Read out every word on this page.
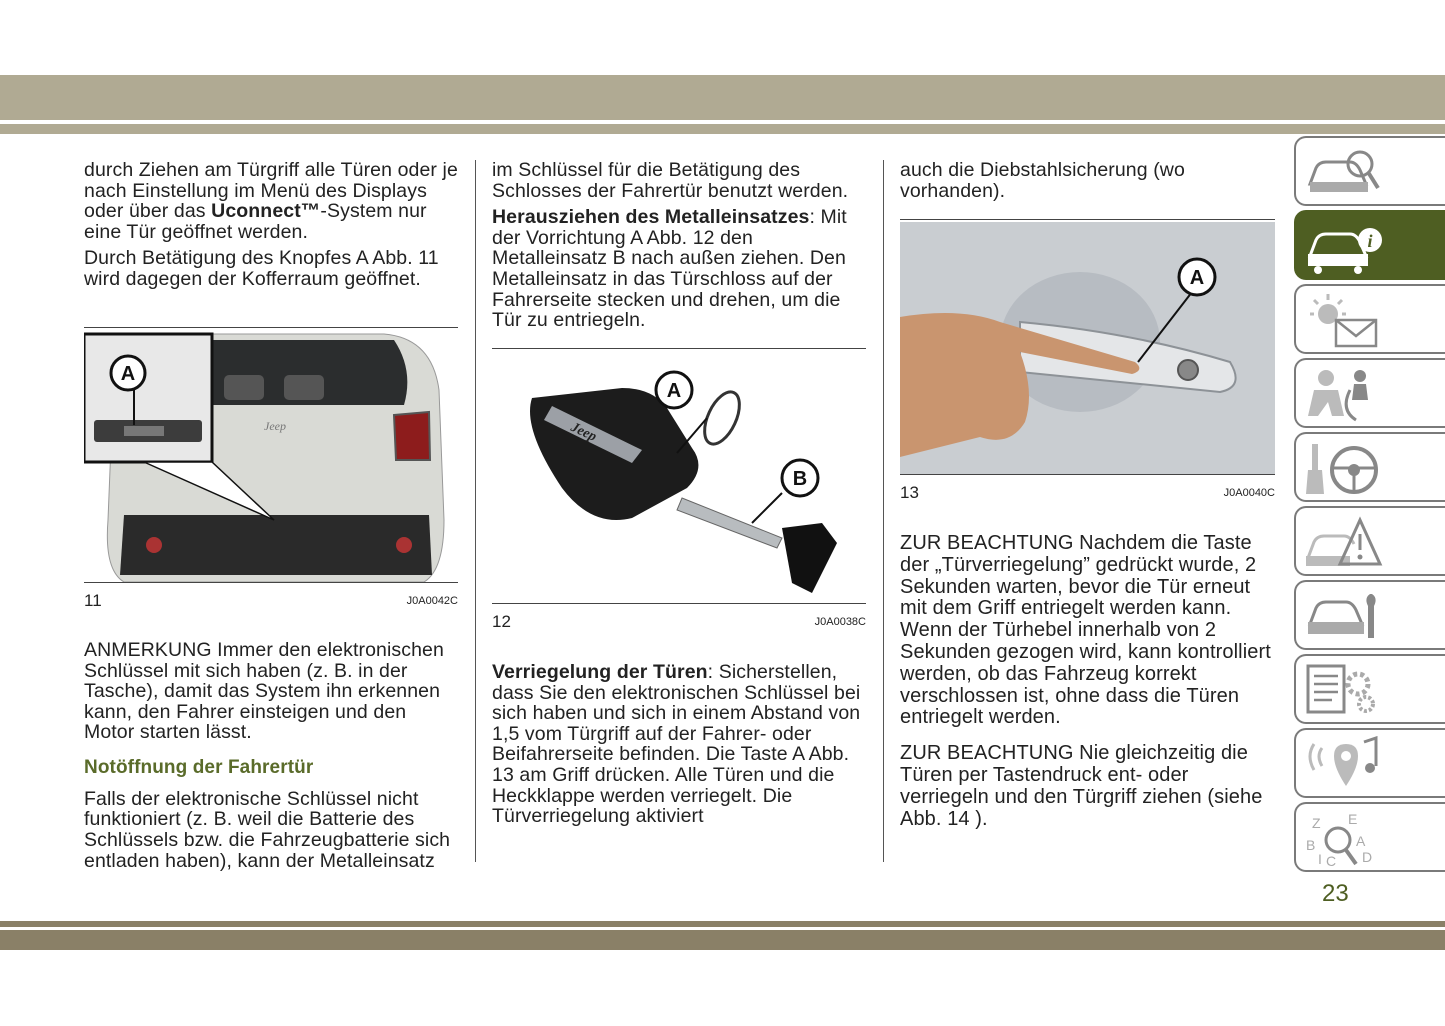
durch Ziehen am Türgriff alle Türen oder je nach Einstellung im Menü des Displays oder über das Uconnect™-System nur eine Tür geöffnet werden.

Durch Betätigung des Knopfes A Abb. 11 wird dagegen der Kofferraum geöffnet.

Jeep
A
11	J0A0042C

ANMERKUNG Immer den elektronischen Schlüssel mit sich haben (z. B. in der Tasche), damit das System ihn erkennen kann, den Fahrer einsteigen und den Motor starten lässt.

Notöffnung der Fahrertür

Falls der elektronische Schlüssel nicht funktioniert (z. B. weil die Batterie des Schlüssels bzw. die Fahrzeugbatterie sich entladen haben), kann der Metalleinsatz

im Schlüssel für die Betätigung des Schlosses der Fahrertür benutzt werden.

Herausziehen des Metalleinsatzes: Mit der Vorrichtung A Abb. 12 den Metalleinsatz B nach außen ziehen. Den Metalleinsatz in das Türschloss auf der Fahrerseite stecken und drehen, um die Tür zu entriegeln.

Jeep
A
B
12	J0A0038C

Verriegelung der Türen: Sicherstellen, dass Sie den elektronischen Schlüssel bei sich haben und sich in einem Abstand von 1,5 vom Türgriff auf der Fahrer- oder Beifahrerseite befinden. Die Taste A Abb. 13 am Griff drücken. Alle Türen und die Heckklappe werden verriegelt. Die Türverriegelung aktiviert

auch die Diebstahlsicherung (wo vorhanden).

A
13	J0A0040C

ZUR BEACHTUNG Nachdem die Taste der „Türverriegelung” gedrückt wurde, 2 Sekunden warten, bevor die Tür erneut mit dem Griff entriegelt werden kann. Wenn der Türhebel innerhalb von 2 Sekunden gezogen wird, kann kontrolliert werden, ob das Fahrzeug korrekt verschlossen ist, ohne dass die Türen entriegelt werden.

ZUR BEACHTUNG Nie gleichzeitig die Türen per Tastendruck ent- oder verriegeln und den Türgriff ziehen (siehe Abb. 14 ).

i
Z
B
I C
E
A
D
23
